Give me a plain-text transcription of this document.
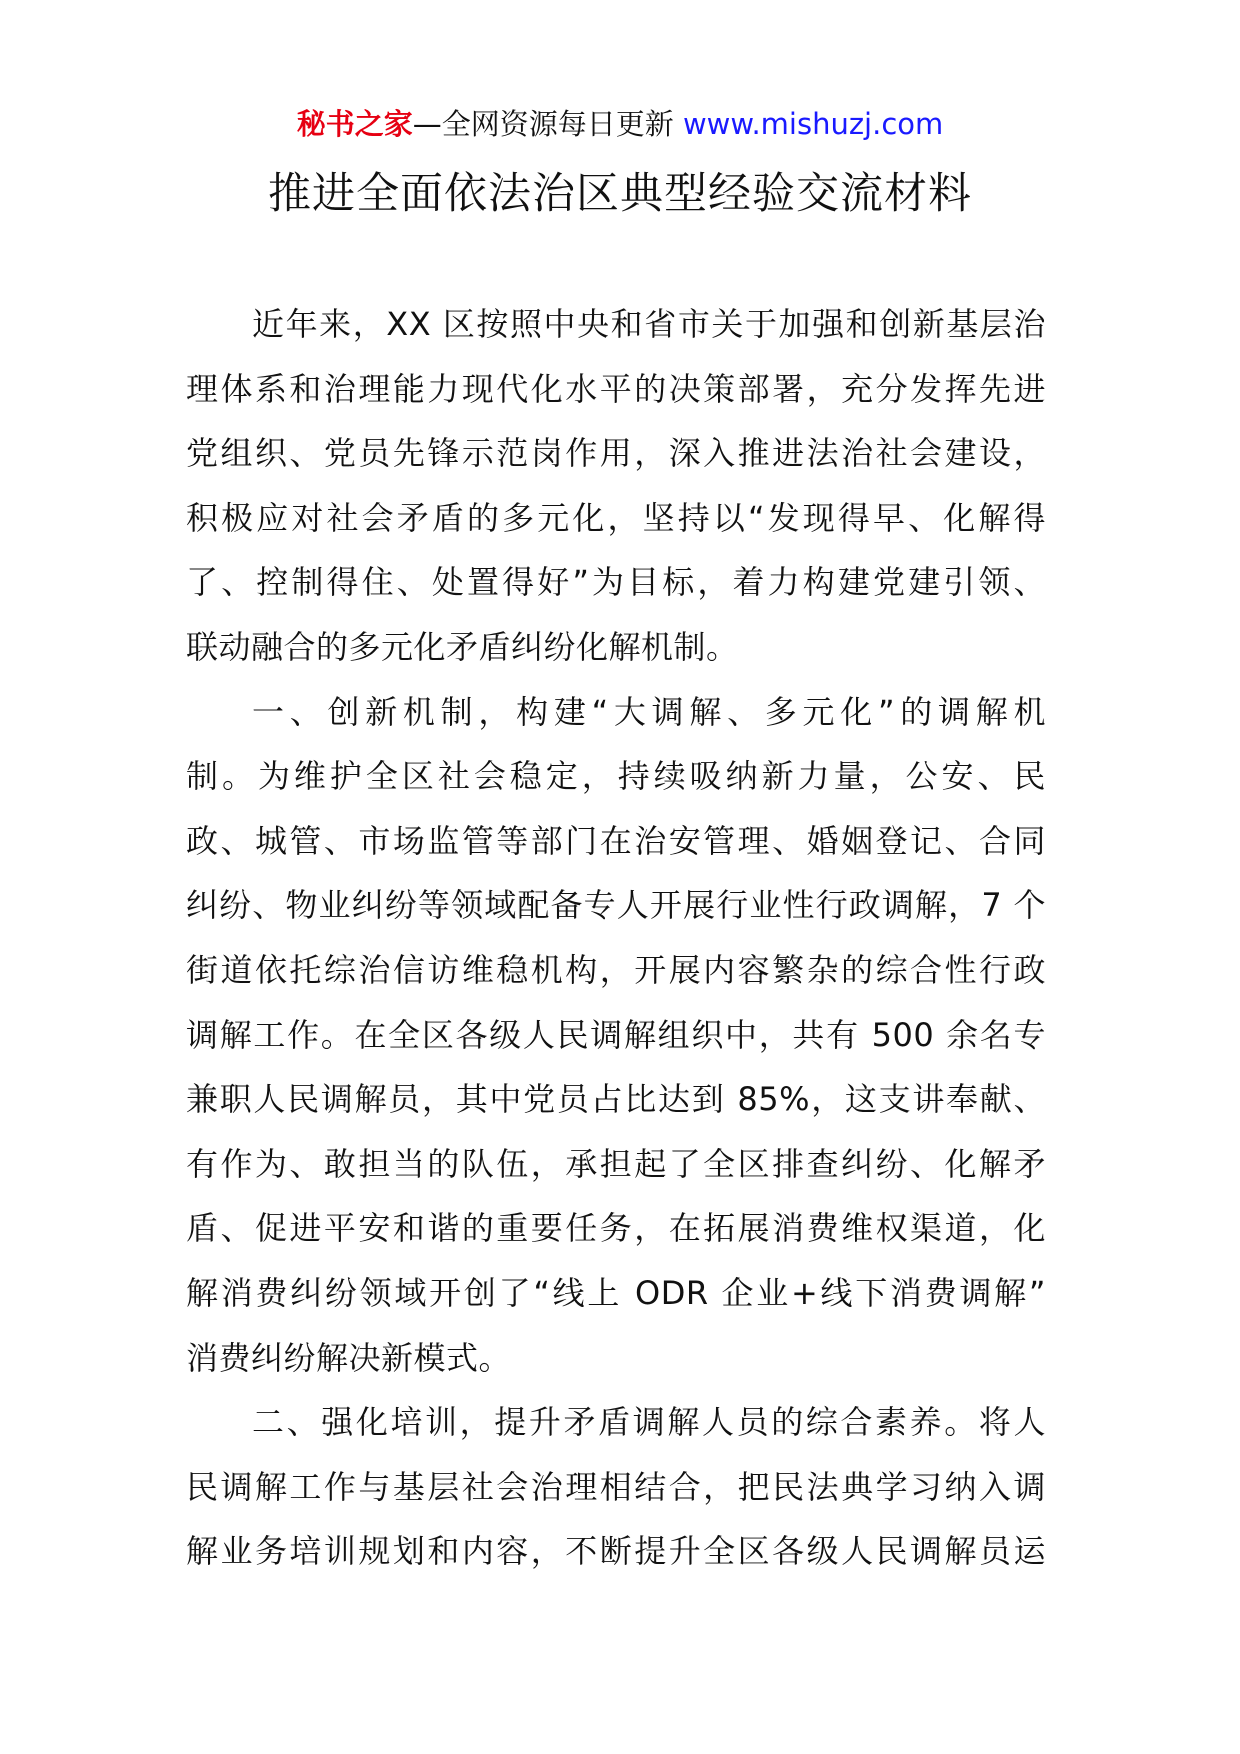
秘书之家—全网资源每日更新 www.mishuzj.com
推进全面依法治区典型经验交流材料
近年来，XX 区按照中央和省市关于加强和创新基层治
理体系和治理能力现代化水平的决策部署，充分发挥先进
党组织、党员先锋示范岗作用，深入推进法治社会建设，
积极应对社会矛盾的多元化，坚持以“发现得早、化解得
了、控制得住、处置得好”为目标，着力构建党建引领、
联动融合的多元化矛盾纠纷化解机制。
一、创新机制，构建“大调解、多元化”的调解机
制。为维护全区社会稳定，持续吸纳新力量，公安、民
政、城管、市场监管等部门在治安管理、婚姻登记、合同
纠纷、物业纠纷等领域配备专人开展行业性行政调解，7 个
街道依托综治信访维稳机构，开展内容繁杂的综合性行政
调解工作。在全区各级人民调解组织中，共有 500 余名专
兼职人民调解员，其中党员占比达到 85%，这支讲奉献、
有作为、敢担当的队伍，承担起了全区排查纠纷、化解矛
盾、促进平安和谐的重要任务，在拓展消费维权渠道，化
解消费纠纷领域开创了“线上 ODR 企业+线下消费调解”
消费纠纷解决新模式。
二、强化培训，提升矛盾调解人员的综合素养。将人
民调解工作与基层社会治理相结合，把民法典学习纳入调
解业务培训规划和内容，不断提升全区各级人民调解员运
